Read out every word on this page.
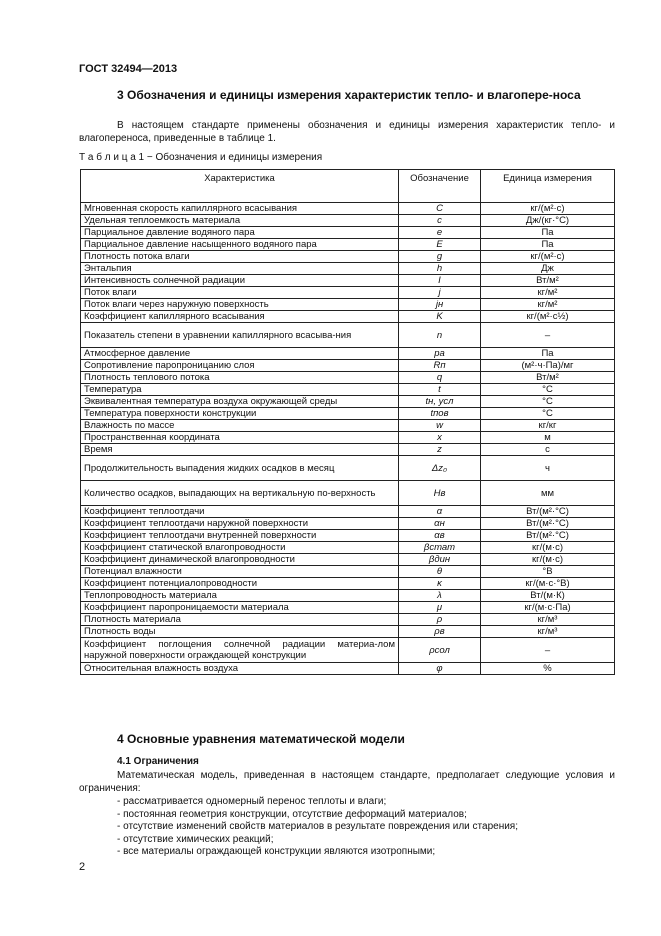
ГОСТ 32494—2013
3 Обозначения и единицы измерения характеристик тепло- и влагопере-носа
В настоящем стандарте применены обозначения и единицы измерения характеристик тепло- и влагопереноса, приведенные в таблице 1.
Т а б л и ц а 1 − Обозначения и единицы измерения
Характеристика	Обозначение	Единица измерения
Мгновенная скорость капиллярного всасывания	C	кг/(м²·с)
Удельная теплоемкость материала	c	Дж/(кг·°С)
Парциальное давление водяного пара	e	Па
Парциальное давление насыщенного водяного пара	E	Па
Плотность потока влаги	g	кг/(м²·с)
Энтальпия	h	Дж
Интенсивность солнечной радиации	I	Вт/м²
Поток влаги	j	кг/м²
Поток влаги через наружную поверхность	jн	кг/м²
Коэффициент капиллярного всасывания	K	кг/(м²·с½)
Показатель степени в уравнении капиллярного всасыва-ния	n	–
Атмосферное давление	pа	Па
Сопротивление паропроницанию слоя	Rп	(м²·ч·Па)/мг
Плотность теплового потока	q	Вт/м²
Температура	t	°С
Эквивалентная температура воздуха окружающей среды	tн, усл	°С
Температура поверхности конструкции	tпов	°С
Влажность по массе	w	кг/кг
Пространственная координата	x	м
Время	z	с
Продолжительность выпадения жидких осадков в месяц	Δz₀	ч
Количество осадков, выпадающих на вертикальную по-верхность	Hв	мм
Коэффициент теплоотдачи	α	Вт/(м²·°С)
Коэффициент теплоотдачи наружной поверхности	αн	Вт/(м²·°С)
Коэффициент теплоотдачи внутренней поверхности	αв	Вт/(м²·°С)
Коэффициент статической влагопроводности	βстат	кг/(м·с)
Коэффициент динамической влагопроводности	βдин	кг/(м·с)
Потенциал влажности	θ	°В
Коэффициент потенциалопроводности	κ	кг/(м·с·°В)
Теплопроводность материала	λ	Вт/(м·К)
Коэффициент паропроницаемости материала	μ	кг/(м·с·Па)
Плотность материала	ρ	кг/м³
Плотность воды	ρв	кг/м³
Коэффициент поглощения солнечной радиации материа-лом наружной поверхности ограждающей конструкции	ρсол	–
Относительная влажность воздуха	φ	%
4 Основные уравнения математической модели
4.1 Ограничения
Математическая модель, приведенная в настоящем стандарте, предполагает следующие условия и ограничения:
- рассматривается одномерный перенос теплоты и влаги;
- постоянная геометрия конструкции, отсутствие деформаций материалов;
- отсутствие изменений свойств материалов в результате повреждения или старения;
- отсутствие химических реакций;
- все материалы ограждающей конструкции являются изотропными;
2
